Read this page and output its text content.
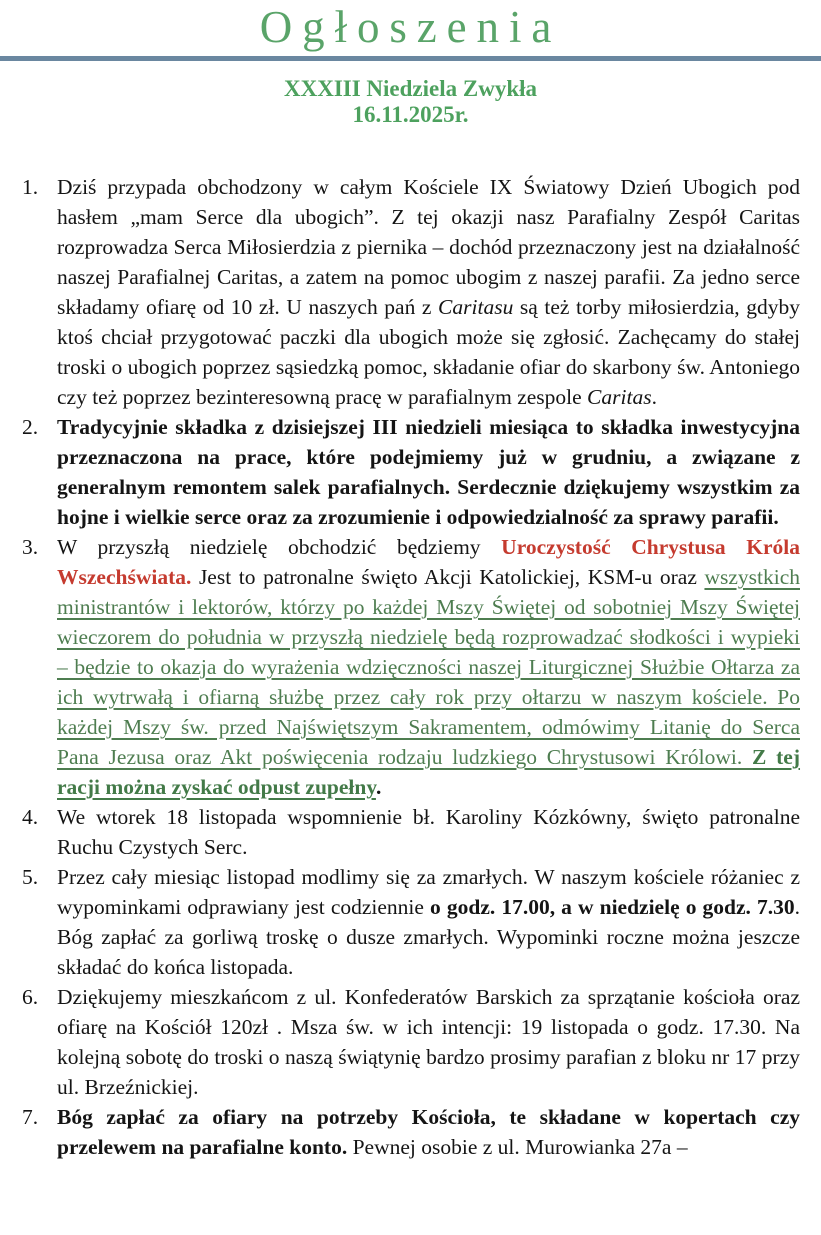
Ogłoszenia
XXXIII Niedziela Zwykła
16.11.2025r.
1. Dziś przypada obchodzony w całym Kościele IX Światowy Dzień Ubogich pod hasłem „mam Serce dla ubogich”. Z tej okazji nasz Parafialny Zespół Caritas rozprowadza Serca Miłosierdzia z piernika – dochód przeznaczony jest na działalność naszej Parafialnej Caritas, a zatem na pomoc ubogim z naszej parafii. Za jedno serce składamy ofiarę od 10 zł. U naszych pań z Caritasu są też torby miłosierdzia, gdyby ktoś chciał przygotować paczki dla ubogich może się zgłosić. Zachęcamy do stałej troski o ubogich poprzez sąsiedzką pomoc, składanie ofiar do skarbony św. Antoniego czy też poprzez bezinteresowną pracę w parafialnym zespole Caritas.
2. Tradycyjnie składka z dzisiejszej III niedzieli miesiąca to składka inwestycyjna przeznaczona na prace, które podejmiemy już w grudniu, a związane z generalnym remontem salek parafialnych. Serdecznie dziękujemy wszystkim za hojne i wielkie serce oraz za zrozumienie i odpowiedzialność za sprawy parafii.
3. W przyszłą niedzielę obchodzić będziemy Uroczystość Chrystusa Króla Wszechświata. Jest to patronalne święto Akcji Katolickiej, KSM-u oraz wszystkich ministrantów i lektorów, którzy po każdej Mszy Świętej od sobotniej Mszy Świętej wieczorem do południa w przyszłą niedzielę będą rozprowadzać słodkości i wypieki – będzie to okazja do wyrażenia wdzięczności naszej Liturgicznej Służbie Ołtarza za ich wytrwałą i ofiarną służbę przez cały rok przy ołtarzu w naszym kościele. Po każdej Mszy św. przed Najświętszym Sakramentem, odmówimy Litanię do Serca Pana Jezusa oraz Akt poświęcenia rodzaju ludzkiego Chrystusowi Królowi. Z tej racji można zyskać odpust zupełny.
4. We wtorek 18 listopada wspomnienie bł. Karoliny Kózkówny, święto patronalne Ruchu Czystych Serc.
5. Przez cały miesiąc listopad modlimy się za zmarłych. W naszym kościele różaniec z wypominkami odprawiany jest codziennie o godz. 17.00, a w niedzielę o godz. 7.30. Bóg zapłać za gorliwą troskę o dusze zmarłych. Wypominki roczne można jeszcze składać do końca listopada.
6. Dziękujemy mieszkańcom z ul. Konfederatów Barskich za sprzątanie kościoła oraz ofiarę na Kościół 120zł . Msza św. w ich intencji: 19 listopada o godz. 17.30. Na kolejną sobotę do troski o naszą świątynię bardzo prosimy parafian z bloku nr 17 przy ul. Brzeźnickiej.
7. Bóg zapłać za ofiary na potrzeby Kościoła, te składane w kopertach czy przelewem na parafialne konto. Pewnej osobie z ul. Murowianka 27a –
